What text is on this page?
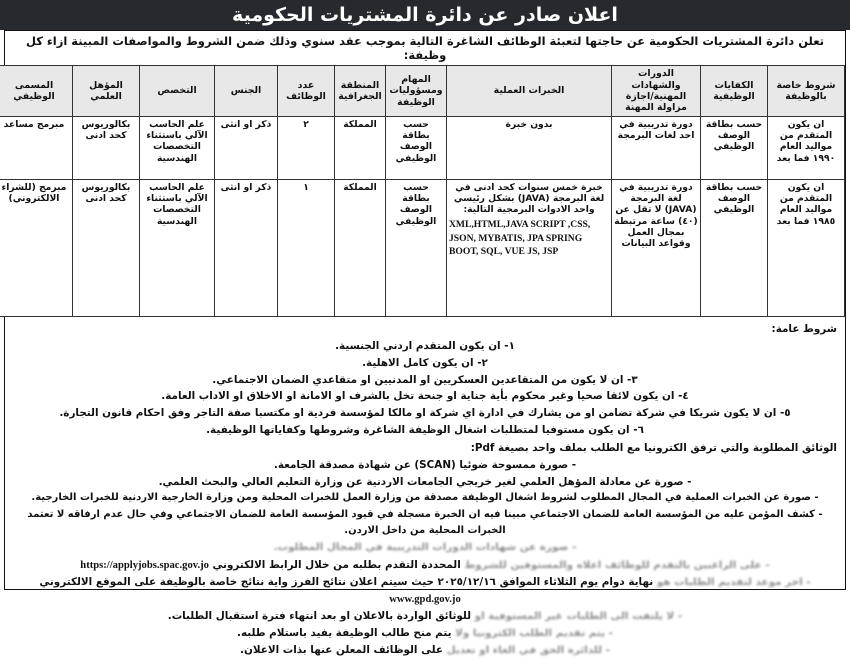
اعلان صادر عن دائرة المشتريات الحكومية
تعلن دائرة المشتريات الحكومية عن حاجتها لتعبئة الوظائف الشاغرة التالية بموجب عقد سنوي وذلك ضمن الشروط والمواصفات المبينة ازاء كل وظيفة:
شروط خاصة بالوظيفة	الكفايات الوظيفية	الدورات والشهادات المهنية/اجازة مزاولة المهنة	الخبرات العملية	المهام ومسؤوليات الوظيفة	المنطقة الجغرافية	عدد الوظائف	الجنس	التخصص	المؤهل العلمي	المسمى الوظيفي	
ان يكون المتقدم من مواليد العام ١٩٩٠ فما بعد	حسب بطاقة الوصف الوظيفي	دورة تدريبية في احد لغات البرمجة	بدون خبرة	حسب بطاقة الوصف الوظيفي	المملكة	٢	ذكر او انثى	علم الحاسب الآلي باستثناء التخصصات الهندسية	بكالوريوس كحد ادنى	مبرمج مساعد	
ان يكون المتقدم من مواليد العام ١٩٨٥ فما بعد	حسب بطاقة الوصف الوظيفي	دورة تدريبية في لغة البرمجة (JAVA) لا تقل عن (٤٠) ساعة مرتبطة بمجال العمل وقواعد البيانات	خبرة خمس سنوات كحد ادنى في لغة البرمجة (JAVA) بشكل رئيسي واحد الادوات البرمجية التالية:
XML,HTML,JAVA SCRIPT ,CSS, JSON, MYBATIS, JPA SPRING BOOT, SQL, VUE JS, JSP	حسب بطاقة الوصف الوظيفي	المملكة	١	ذكر او انثى	علم الحاسب الآلي باستثناء التخصصات الهندسية	بكالوريوس كحد ادنى	مبرمج (للشراء الالكتروني)	
شروط عامة:
١- ان يكون المتقدم اردني الجنسية.
٢- ان يكون كامل الاهلية.
٣- ان لا يكون من المتقاعدين العسكريين او المدنيين او متقاعدي الضمان الاجتماعي.
٤- ان يكون لائقا صحيا وغير محكوم بأية جناية او جنحة تخل بالشرف او الامانة او الاخلاق او الاداب العامة.
٥- ان لا يكون شريكا في شركة تضامن او من يشارك في ادارة اي شركة او مالكا لمؤسسة فردية او مكتسبا صفة التاجر وفق احكام قانون التجارة.
٦- ان يكون مستوفيا لمتطلبات اشغال الوظيفة الشاغرة وشروطها وكفاياتها الوظيفية.
الوثائق المطلوبة والتي ترفق الكترونيا مع الطلب بملف واحد بصيغة Pdf:
- صورة ممسوحة ضوئيا (SCAN) عن شهادة مصدقة الجامعة.
- صورة عن معادلة المؤهل العلمي لغير خريجي الجامعات الاردنية عن وزارة التعليم العالي والبحث العلمي.
- صورة عن الخبرات العملية في المجال المطلوب لشروط اشغال الوظيفة مصدقة من وزارة العمل للخبرات المحلية ومن وزارة الخارجية الاردنية للخبرات الخارجية.
- كشف المؤمن عليه من المؤسسة العامة للضمان الاجتماعي مبينا فيه ان الخبرة مسجلة في قيود المؤسسة العامة للضمان الاجتماعي وفي حال عدم ارفاقه لا تعتمد الخبرات المحلية من داخل الاردن.
- صورة عن شهادات الدورات التدريبية في المجال المطلوب.
- على الراغبين بالتقدم للوظائف اعلاه والمستوفين للشروط المحددة التقدم بطلبه من خلال الرابط الالكتروني https://applyjobs.spac.gov.jo
- اخر موعد لتقديم الطلبات هو نهاية دوام يوم الثلاثاء الموافق ٢٠٢٥/١٢/١٦ حيث سيتم اعلان نتائج الفرز واية نتائج خاصة بالوظيفة على الموقع الالكتروني
www.gpd.gov.jo
- لا يلتفت الى الطلبات غير المستوفية او للوثائق الواردة بالاعلان او بعد انتهاء فترة استقبال الطلبات.
- يتم تقديم الطلب الكترونيا ولا يتم منح طالب الوظيفة يفيد باستلام طلبه.
- للدائرة الحق في الغاء او تعديل على الوظائف المعلن عنها بذات الاعلان.
